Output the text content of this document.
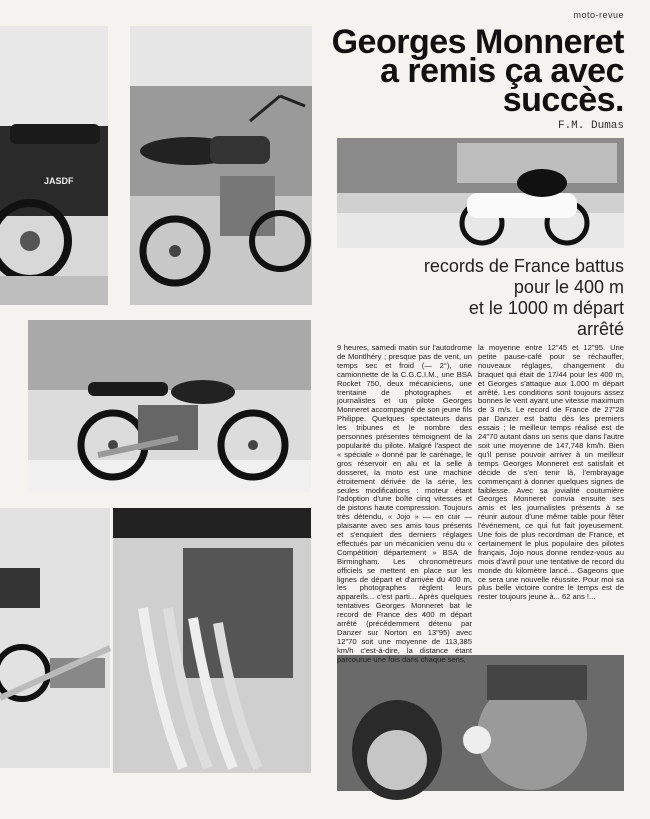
JASDF
moto-revue
Georges Monneret
a remis ça avec
succès.
F.M. Dumas
records de France battus
pour le 400 m
et le 1000 m départ
arrêté

9 heures, samedi matin sur l'autodrome de Montlhéry ; presque pas de vent, un temps sec et froid (— 2°), une camionnette de la C.G.C.I.M., une BSA Rocket 750, deux mécaniciens, une trentaine de photographes et journalistes et un pilote Georges Monneret accompagné de son jeune fils Philippe. Quelques spectateurs dans les tribunes et le nombre des personnes présentes témoignent de la popularité du pilote. Malgré l'aspect de « spéciale » donné par le carénage, le gros réservoir en alu et la selle à dosseret, la moto est une machine étroitement dérivée de la série, les seules modifications : moteur étant l'adoption d'une boîte cinq vitesses et de pistons haute compression. Toujours très détendu, « Jojo » — en cuir — plaisante avec ses amis tous présents et s'enquiert des derniers réglages effectués par un mécanicien venu du « Compétition département » BSA de Birmingham. Les chronométreurs officiels se mettent en place sur les lignes de départ et d'arrivée du 400 m, les photographes règlent leurs appareils... c'est parti... Après quelques tentatives Georges Monneret bat le record de France des 400 m départ arrêté (précédemment détenu par Danzer sur Norton en 13"95) avec 12"70 soit une moyenne de 113,385 km/h c'est-à-dire, la distance étant parcourue une fois dans chaque sens,

la moyenne entre 12"45 et 12"95. Une petite pause-café pour se réchauffer, nouveaux réglages, changement du braquet qui était de 17/44 pour les 400 m, et Georges s'attaque aux 1.000 m départ arrêté. Les conditions sont toujours assez bonnes le vent ayant une vitesse maximum de 3 m/s. Le record de France de 27"28 par Danzer est battu dès les premiers essais ; le meilleur temps réalisé est de 24"70 autant dans un sens que dans l'autre soit une moyenne de 147,748 km/h. Bien qu'il pense pouvoir arriver à un meilleur temps Georges Monneret est satisfait et décide de s'en tenir là, l'embrayage commençant à donner quelques signes de faiblesse. Avec sa jovialité coutumière Georges Monneret convia ensuite ses amis et les journalistes présents à se réunir autour d'une même table pour fêter l'événement, ce qui fut fait joyeusement. Une fois de plus recordman de France, et certainement le plus populaire des pilotes français, Jojo nous donne rendez-vous au mois d'avril pour une tentative de record du monde du kilomètre lancé... Gageons que ce sera une nouvelle réussite. Pour moi sa plus belle victoire contre le temps est de rester toujours jeune à... 62 ans !...
